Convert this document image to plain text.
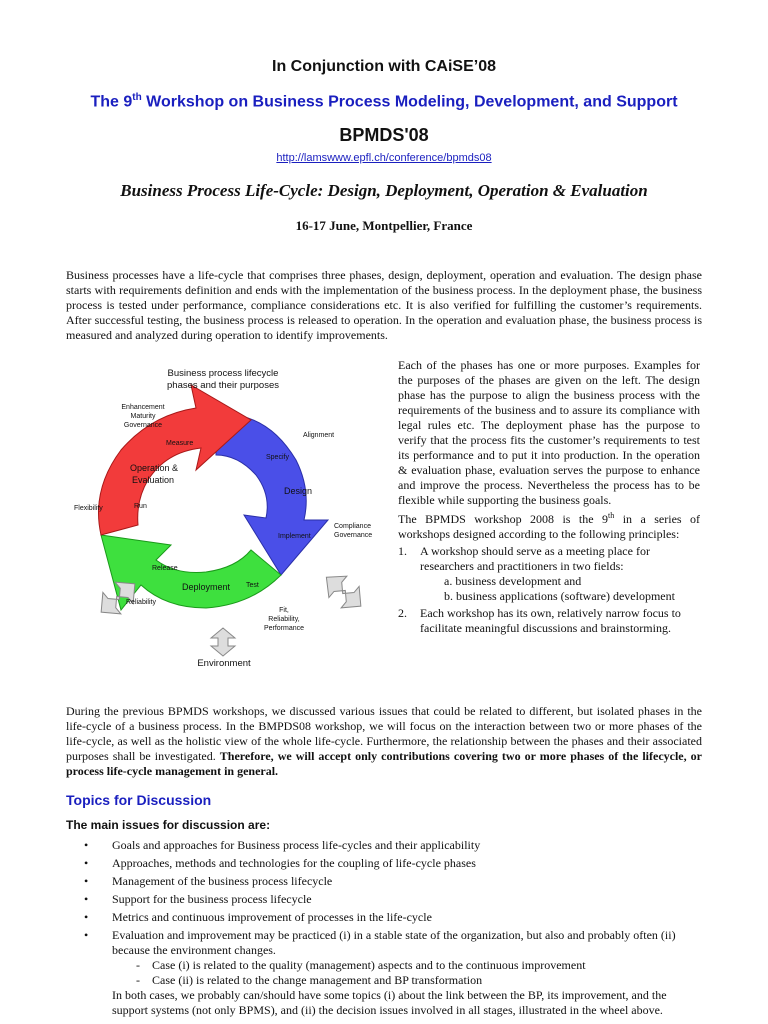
In Conjunction with CAiSE’08
The 9th Workshop on Business Process Modeling, Development, and Support
BPMDS'08
http://lamswww.epfl.ch/conference/bpmds08
Business Process Life-Cycle: Design, Deployment, Operation & Evaluation
16-17 June, Montpellier, France

Business processes have a life-cycle that comprises three phases, design, deployment, operation and evaluation. The design phase starts with requirements definition and ends with the implementation of the business process. In the deployment phase, the business process is tested under performance, compliance considerations etc. It is also verified for fulfilling the customer’s requirements. After successful testing, the business process is released to operation. In the operation and evaluation phase, the business process is measured and analyzed during operation to identify improvements.

Business process lifecycle
phases and their purposes
Enhancement
Maturity
Governance
Alignment
Measure
Specify
Operation &
Evaluation
Design
Flexibility	Run
Compliance
Governance
Implement
Release
Deployment Test
Reliability
Fit,
Reliability,
Performance
Environment

Each of the phases has one or more purposes. Examples for the purposes of the phases are given on the left. The design phase has the purpose to align the business process with the requirements of the business and to assure its compliance with legal rules etc. The deployment phase has the purpose to verify that the process fits the customer’s requirements to test its performance and to put it into production. In the operation & evaluation phase, evaluation serves the purpose to enhance and improve the process. Nevertheless the process has to be flexible while supporting the business goals.

The BPMDS workshop 2008 is the 9th in a series of workshops designed according to the following principles:

1. A workshop should serve as a meeting place for researchers and practitioners in two fields:
a. business development and
b. business applications (software) development
2. Each workshop has its own, relatively narrow focus to facilitate meaningful discussions and brainstorming.

During the previous BPMDS workshops, we discussed various issues that could be related to different, but isolated phases in the life-cycle of a business process. In the BMPDS08 workshop, we will focus on the interaction between two or more phases of the life-cycle, as well as the holistic view of the whole life-cycle. Furthermore, the relationship between the phases and their associated purposes shall be investigated. Therefore, we will accept only contributions covering two or more phases of the lifecycle, or process life-cycle management in general.

Topics for Discussion
The main issues for discussion are:
• Goals and approaches for Business process life-cycles and their applicability
• Approaches, methods and technologies for the coupling of life-cycle phases
• Management of the business process lifecycle
• Support for the business process lifecycle
• Metrics and continuous improvement of processes in the life-cycle
• Evaluation and improvement may be practiced (i) in a stable state of the organization, but also and probably often (ii) because the environment changes.
- Case (i) is related to the quality (management) aspects and to the continuous improvement
- Case (ii) is related to the change management and BP transformation
In both cases, we probably can/should have some topics (i) about the link between the BP, its improvement, and the support systems (not only BPMS), and (ii) the decision issues involved in all stages, illustrated in the wheel above.
